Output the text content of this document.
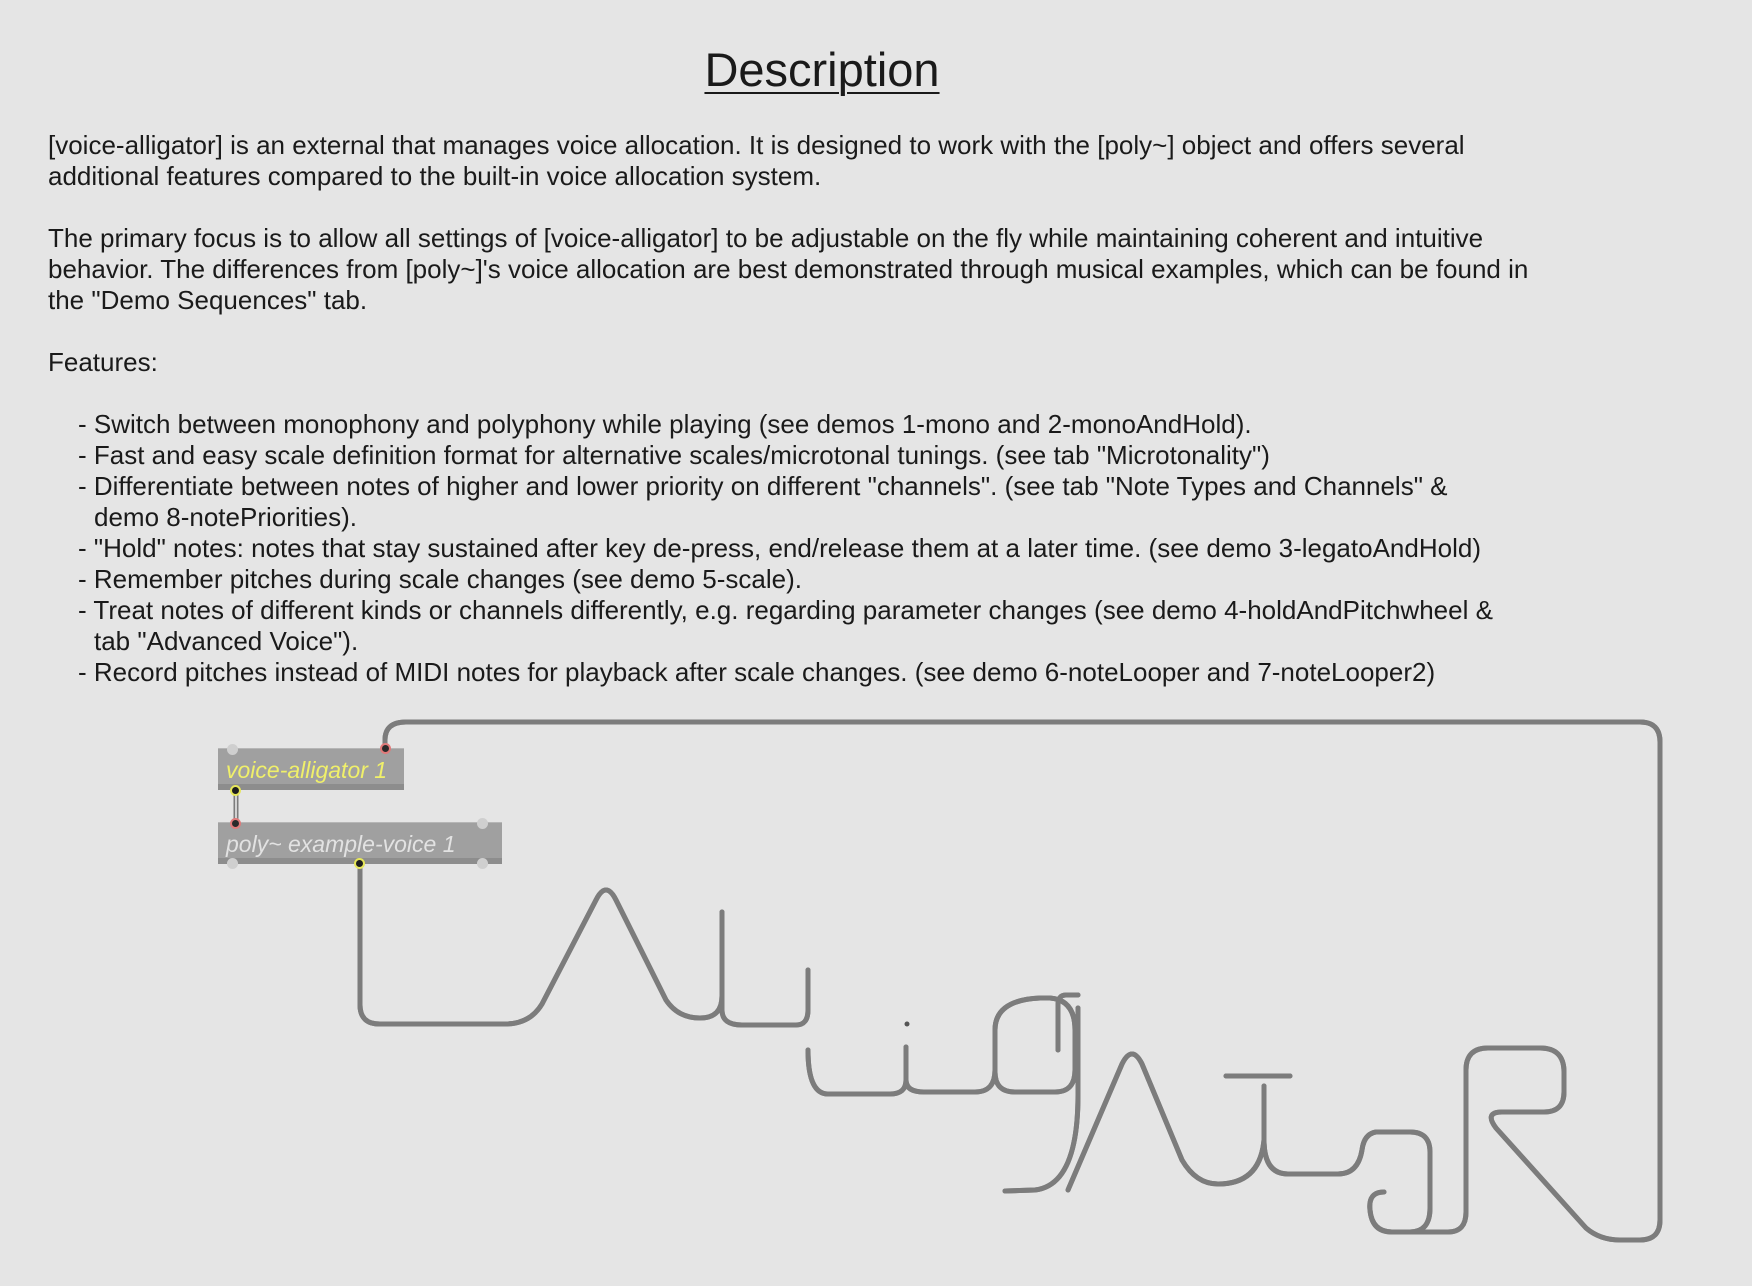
Description
[voice-alligator] is an external that manages voice allocation. It is designed to work with the [poly~] object and offers several
additional features compared to the built-in voice allocation system.
The primary focus is to allow all settings of [voice-alligator] to be adjustable on the fly while maintaining coherent and intuitive
behavior. The differences from [poly~]'s voice allocation are best demonstrated through musical examples, which can be found in
the "Demo Sequences" tab.
Features:
- Switch between monophony and polyphony while playing (see demos 1-mono and 2-monoAndHold).
- Fast and easy scale definition format for alternative scales/microtonal tunings. (see tab "Microtonality")
- Differentiate between notes of higher and lower priority on different "channels". (see tab "Note Types and Channels" &
demo 8-notePriorities).
- "Hold" notes: notes that stay sustained after key de-press, end/release them at a later time. (see demo 3-legatoAndHold)
- Remember pitches during scale changes (see demo 5-scale).
- Treat notes of different kinds or channels differently, e.g. regarding parameter changes (see demo 4-holdAndPitchwheel &
tab "Advanced Voice").
- Record pitches instead of MIDI notes for playback after scale changes. (see demo 6-noteLooper and 7-noteLooper2)
voice-alligator 1
poly~ example-voice 1
